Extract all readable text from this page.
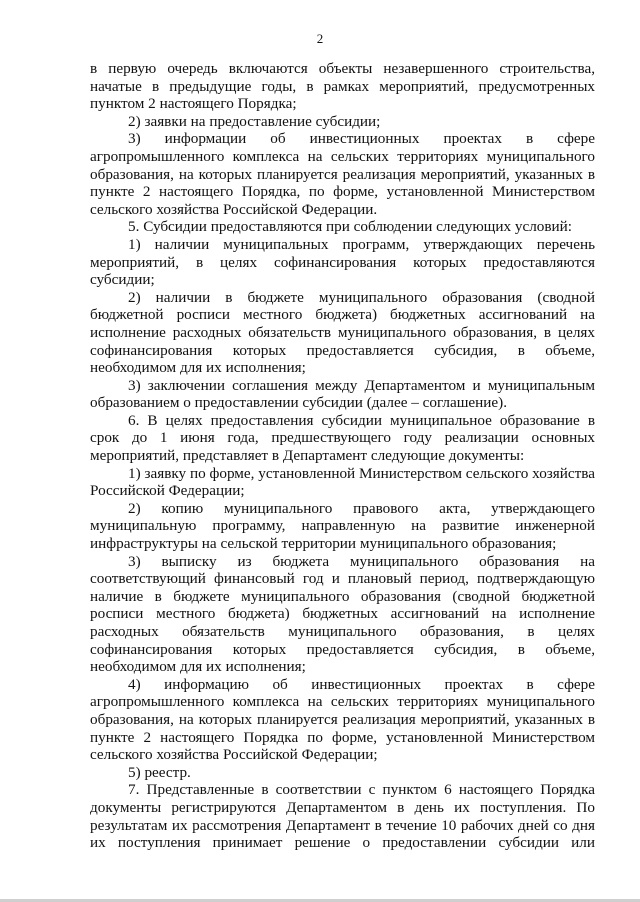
2

в первую очередь включаются объекты незавершенного строительства, начатые в предыдущие годы, в рамках мероприятий, предусмотренных пунктом 2 настоящего Порядка;

2) заявки на предоставление субсидии;

3) информации об инвестиционных проектах в сфере агропромышленного комплекса на сельских территориях муниципального образования, на которых планируется реализация мероприятий, указанных в пункте 2 настоящего Порядка, по форме, установленной Министерством сельского хозяйства Российской Федерации.

5. Субсидии предоставляются при соблюдении следующих условий:

1) наличии муниципальных программ, утверждающих перечень мероприятий, в целях софинансирования которых предоставляются субсидии;

2) наличии в бюджете муниципального образования (сводной бюджетной росписи местного бюджета) бюджетных ассигнований на исполнение расходных обязательств муниципального образования, в целях софинансирования которых предоставляется субсидия, в объеме, необходимом для их исполнения;

3) заключении соглашения между Департаментом и муниципальным образованием о предоставлении субсидии (далее – соглашение).

6. В целях предоставления субсидии муниципальное образование в срок до 1 июня года, предшествующего году реализации основных мероприятий, представляет в Департамент следующие документы:

1) заявку по форме, установленной Министерством сельского хозяйства Российской Федерации;

2) копию муниципального правового акта, утверждающего муниципальную программу, направленную на развитие инженерной инфраструктуры на сельской территории муниципального образования;

3) выписку из бюджета муниципального образования на соответствующий финансовый год и плановый период, подтверждающую наличие в бюджете муниципального образования (сводной бюджетной росписи местного бюджета) бюджетных ассигнований на исполнение расходных обязательств муниципального образования, в целях софинансирования которых предоставляется субсидия, в объеме, необходимом для их исполнения;

4) информацию об инвестиционных проектах в сфере агропромышленного комплекса на сельских территориях муниципального образования, на которых планируется реализация мероприятий, указанных в пункте 2 настоящего Порядка по форме, установленной Министерством сельского хозяйства Российской Федерации;

5) реестр.

7. Представленные в соответствии с пунктом 6 настоящего Порядка документы регистрируются Департаментом в день их поступления. По результатам их рассмотрения Департамент в течение 10 рабочих дней со дня их поступления принимает решение о предоставлении субсидии или
